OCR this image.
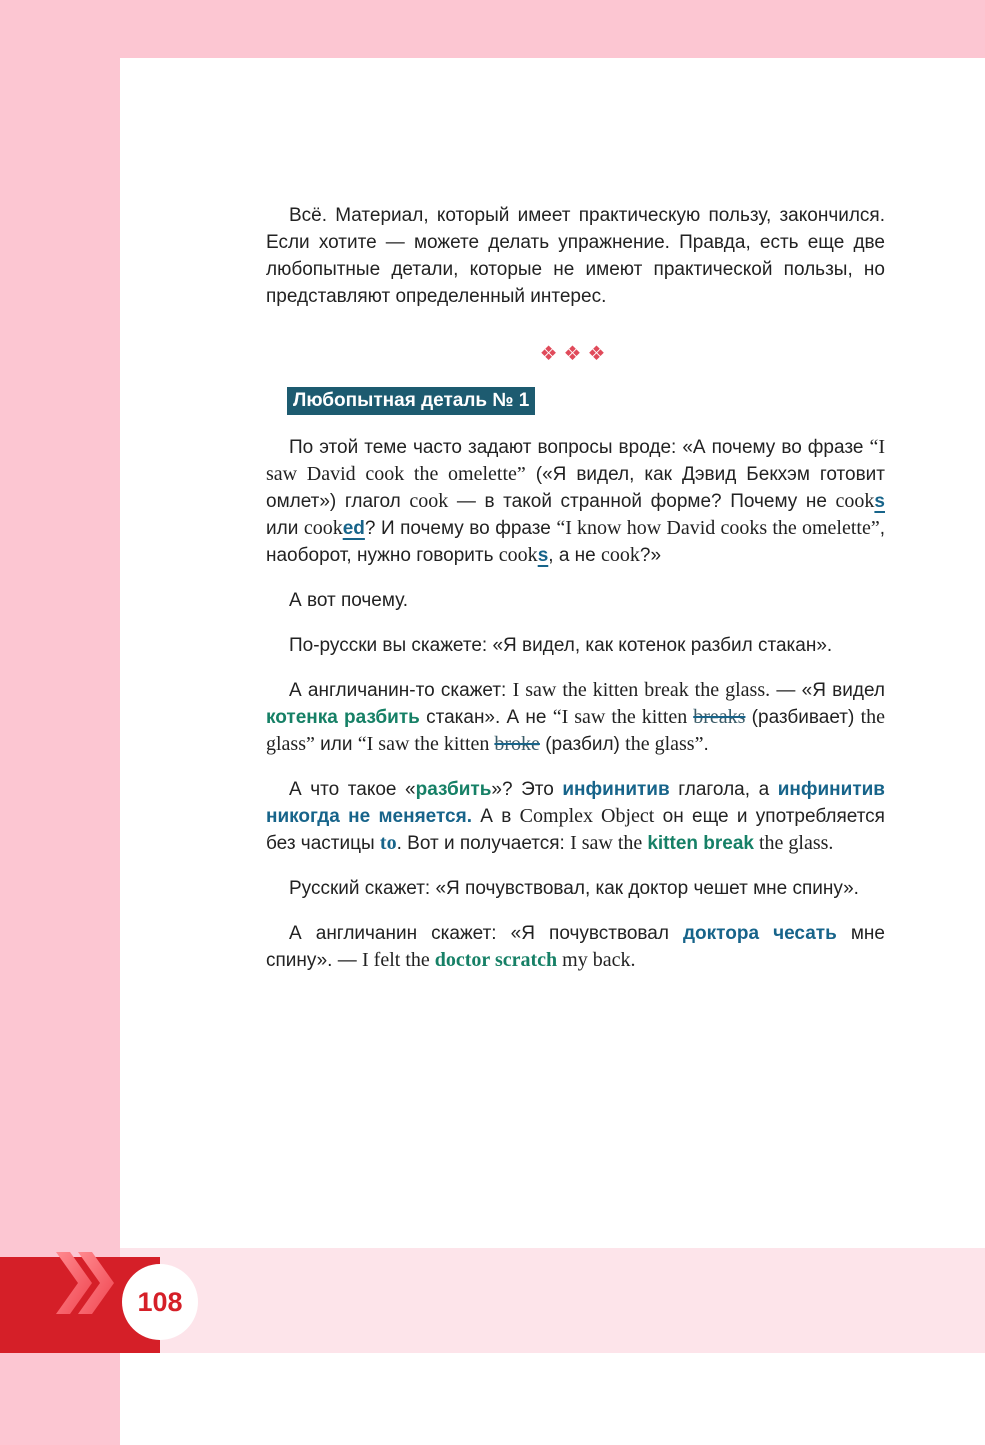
Всё. Материал, который имеет практическую пользу, закончился. Если хотите — можете делать упражнение. Правда, есть еще две любопытные детали, которые не имеют практической пользы, но представляют определенный интерес.

❖❖❖
Любопытная деталь № 1

По этой теме часто задают вопросы вроде: «А почему во фразе “I saw David cook the omelette” («Я видел, как Дэвид Бекхэм готовит омлет») глагол cook — в такой странной форме? Почему не cooks или cooked? И почему во фразе “I know how David cooks the omelette”, наоборот, нужно говорить cooks, а не cook?»

А вот почему.

По-русски вы скажете: «Я видел, как котенок разбил стакан».

А англичанин-то скажет: I saw the kitten break the glass. — «Я видел котенка разбить стакан». А не “I saw the kitten breaks (разбивает) the glass” или “I saw the kitten broke (разбил) the glass”.

А что такое «разбить»? Это инфинитив глагола, а инфинитив никогда не меняется. А в Complex Object он еще и употребляется без частицы to. Вот и получается: I saw the kitten break the glass.

Русский скажет: «Я почувствовал, как доктор чешет мне спину».

А англичанин скажет: «Я почувствовал доктора чесать мне спину». — I felt the doctor scratch my back.

108
